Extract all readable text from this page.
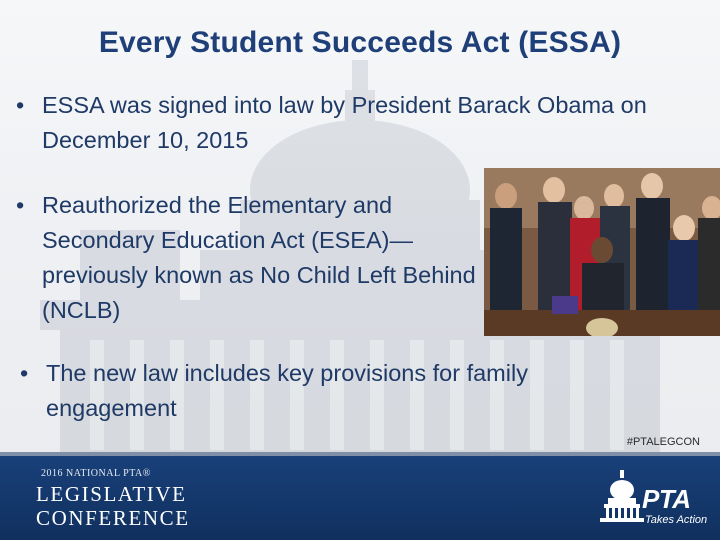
Every Student Succeeds Act (ESSA)
• ESSA was signed into law by President Barack Obama on December 10, 2015
• Reauthorized the Elementary and Secondary Education Act (ESEA)—previously known as No Child Left Behind (NCLB)
• The new law includes key provisions for family engagement
#PTALEGCON
2016 NATIONAL PTA®
LEGISLATIVE
CONFERENCE
PTA
Takes Action
